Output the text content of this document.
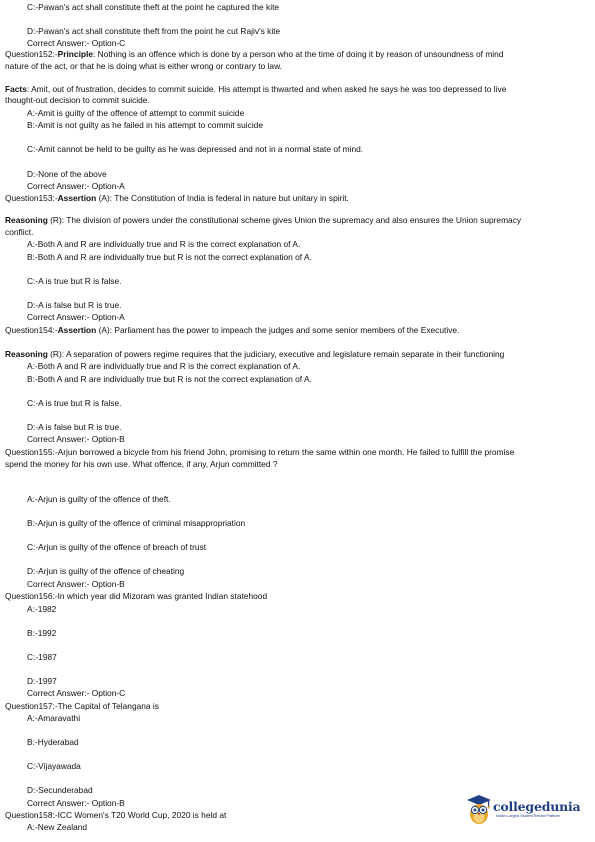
C:-Pawan's act shall constitute theft at the point he captured the kite
D:-Pawan's act shall constitute theft from the point he cut Rajiv's kite
Correct Answer:- Option-C
Question152:-Principle: Nothing is an offence which is done by a person who at the time of doing it by reason of unsoundness of mind
nature of the act, or that he is doing what is either wrong or contrary to law.
Facts: Amit, out of frustration, decides to commit suicide. His attempt is thwarted and when asked he says he was too depressed to live
thought-out decision to commit suicide.
A:-Amit is guilty of the offence of attempt to commit suicide
B:-Amit is not guilty as he failed in his attempt to commit suicide
C:-Amit cannot be held to be guilty as he was depressed and not in a normal state of mind.
D:-None of the above
Correct Answer:- Option-A
Question153:-Assertion (A): The Constitution of India is federal in nature but unitary in spirit.
Reasoning (R): The division of powers under the constitutional scheme gives Union the supremacy and also ensures the Union supremacy
conflict.
A:-Both A and R are individually true and R is the correct explanation of A.
B:-Both A and R are individually true but R is not the correct explanation of A.
C:-A is true but R is false.
D:-A is false but R is true.
Correct Answer:- Option-A
Question154:-Assertion (A): Parliament has the power to impeach the judges and some senior members of the Executive.
Reasoning (R): A separation of powers regime requires that the judiciary, executive and legislature remain separate in their functioning
A:-Both A and R are individually true and R is the correct explanation of A.
B:-Both A and R are individually true but R is not the correct explanation of A.
C:-A is true but R is false.
D:-A is false but R is true.
Correct Answer:- Option-B
Question155:-Arjun borrowed a bicycle from his friend John, promising to return the same within one month. He failed to fulfill the promise
spend the money for his own use. What offence, if any, Arjun committed ?
A:-Arjun is guilty of the offence of theft.
B:-Arjun is guilty of the offence of criminal misappropriation
C:-Arjun is guilty of the offence of breach of trust
D:-Arjun is guilty of the offence of cheating
Correct Answer:- Option-B
Question156:-In which year did Mizoram was granted Indian statehood
A:-1982
B:-1992
C:-1987
D:-1997
Correct Answer:- Option-C
Question157:-The Capital of Telangana is
A:-Amaravathi
B:-Hyderabad
C:-Vijayawada
D:-Secunderabad
Correct Answer:- Option-B
Question158:-ICC Women's T20 World Cup, 2020 is held at
A:-New Zealand
collegedunia
India's Largest Student Review Platform
